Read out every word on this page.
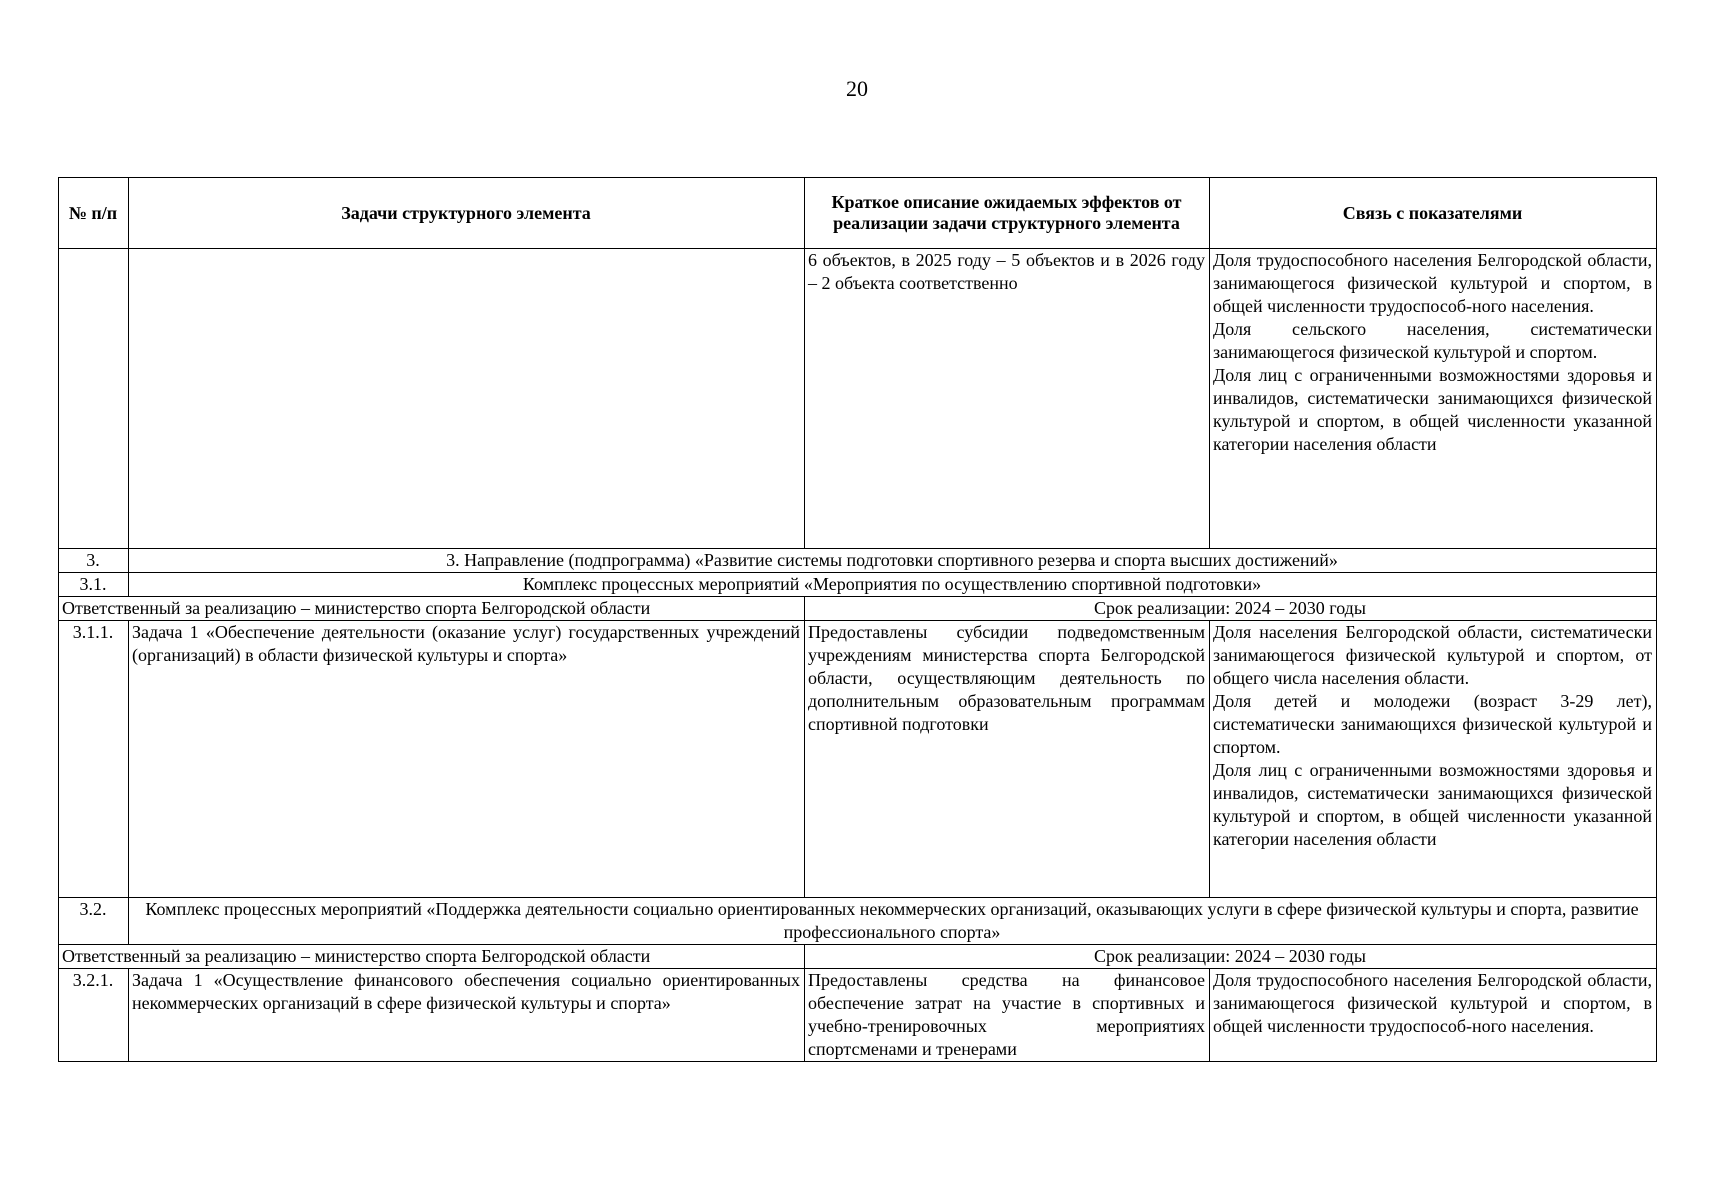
20
№ п/п	Задачи структурного элемента	Краткое описание ожидаемых эффектов от реализации задачи структурного элемента	Связь с показателями
		6 объектов, в 2025 году – 5 объектов и в 2026 году – 2 объекта соответственно	Доля трудоспособного населения Белгородской области, занимающегося физической культурой и спортом, в общей численности трудоспособ-ного населения.

Доля сельского населения, систематически занимающегося физической культурой и спортом.

Доля лиц с ограниченными возможностями здоровья и инвалидов, систематически занимающихся физической культурой и спортом, в общей численности указанной категории населения области

3.	3. Направление (подпрограмма) «Развитие системы подготовки спортивного резерва и спорта высших достижений»		
3.1.	Комплекс процессных мероприятий «Мероприятия по осуществлению спортивной подготовки»		
Ответственный за реализацию – министерство спорта Белгородской области		Срок реализации: 2024 – 2030 годы	
3.1.1.	Задача 1 «Обеспечение деятельности (оказание услуг) государственных учреждений (организаций) в области физической культуры и спорта»	Предоставлены субсидии подведомственным учреждениям министерства спорта Белгородской области, осуществляющим деятельность по дополнительным образовательным программам спортивной подготовки	Доля населения Белгородской области, систематически занимающегося физической культурой и спортом, от общего числа населения области.

Доля детей и молодежи (возраст 3-29 лет), систематически занимающихся физической культурой и спортом.

Доля лиц с ограниченными возможностями здоровья и инвалидов, систематически занимающихся физической культурой и спортом, в общей численности указанной категории населения области

3.2.	Комплекс процессных мероприятий «Поддержка деятельности социально ориентированных некоммерческих организаций, оказывающих услуги в сфере физической культуры и спорта, развитие профессионального спорта»		
Ответственный за реализацию – министерство спорта Белгородской области		Срок реализации: 2024 – 2030 годы	
3.2.1.	Задача 1 «Осуществление финансового обеспечения социально ориентированных некоммерческих организаций в сфере физической культуры и спорта»	Предоставлены средства на финансовое обеспечение затрат на участие в спортивных и учебно-тренировочных мероприятиях спортсменами и тренерами	Доля трудоспособного населения Белгородской области, занимающегося физической культурой и спортом, в общей численности трудоспособ-ного населения.
